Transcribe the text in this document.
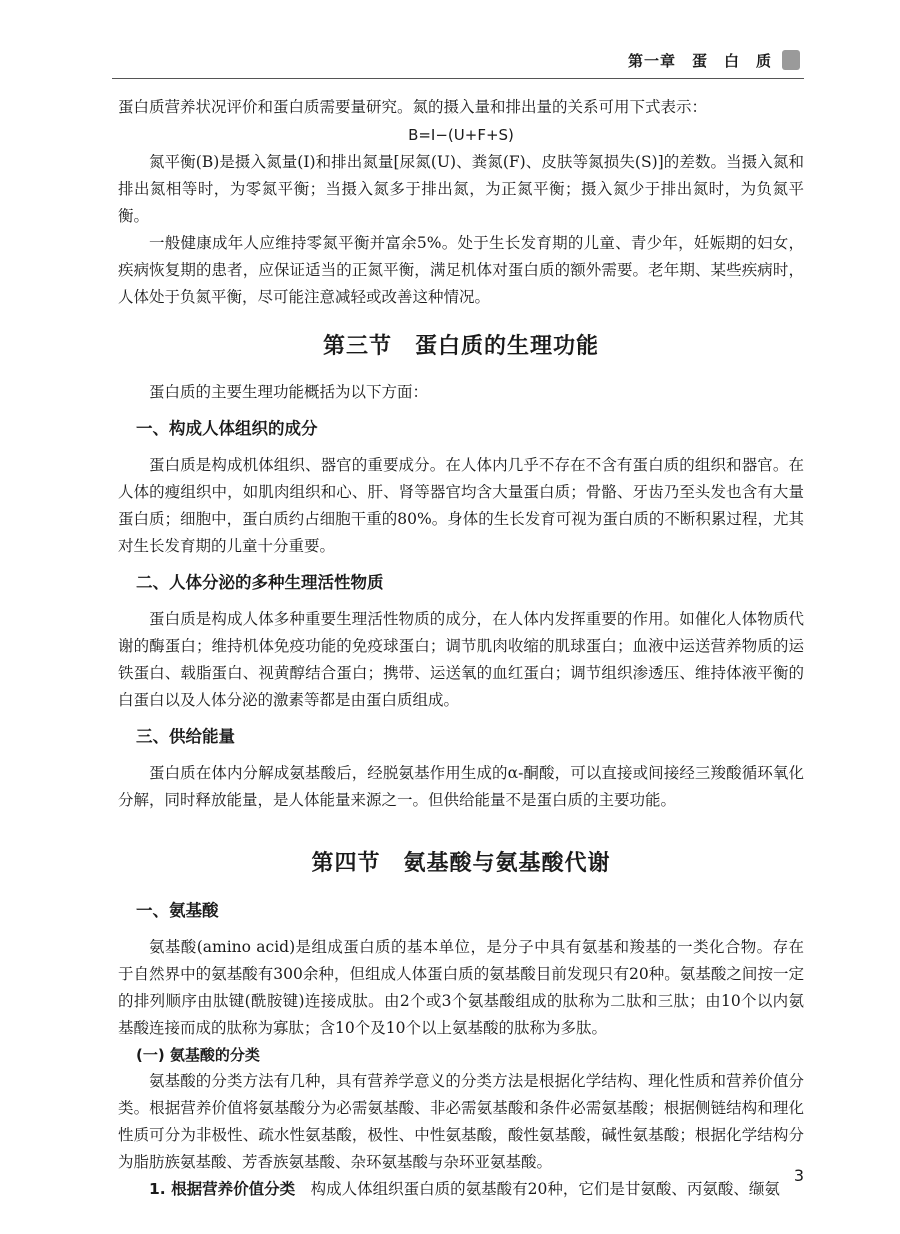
第一章　蛋　白　质

蛋白质营养状况评价和蛋白质需要量研究。氮的摄入量和排出量的关系可用下式表示：

B=I−(U+F+S)

氮平衡(B)是摄入氮量(I)和排出氮量[尿氮(U)、粪氮(F)、皮肤等氮损失(S)]的差数。当摄入氮和排出氮相等时，为零氮平衡；当摄入氮多于排出氮，为正氮平衡；摄入氮少于排出氮时，为负氮平衡。

一般健康成年人应维持零氮平衡并富余5%。处于生长发育期的儿童、青少年，妊娠期的妇女，疾病恢复期的患者，应保证适当的正氮平衡，满足机体对蛋白质的额外需要。老年期、某些疾病时，人体处于负氮平衡，尽可能注意减轻或改善这种情况。

第三节　蛋白质的生理功能

蛋白质的主要生理功能概括为以下方面：

一、构成人体组织的成分

蛋白质是构成机体组织、器官的重要成分。在人体内几乎不存在不含有蛋白质的组织和器官。在人体的瘦组织中，如肌肉组织和心、肝、肾等器官均含大量蛋白质；骨骼、牙齿乃至头发也含有大量蛋白质；细胞中，蛋白质约占细胞干重的80%。身体的生长发育可视为蛋白质的不断积累过程，尤其对生长发育期的儿童十分重要。

二、人体分泌的多种生理活性物质

蛋白质是构成人体多种重要生理活性物质的成分，在人体内发挥重要的作用。如催化人体物质代谢的酶蛋白；维持机体免疫功能的免疫球蛋白；调节肌肉收缩的肌球蛋白；血液中运送营养物质的运铁蛋白、载脂蛋白、视黄醇结合蛋白；携带、运送氧的血红蛋白；调节组织渗透压、维持体液平衡的白蛋白以及人体分泌的激素等都是由蛋白质组成。

三、供给能量

蛋白质在体内分解成氨基酸后，经脱氨基作用生成的α-酮酸，可以直接或间接经三羧酸循环氧化分解，同时释放能量，是人体能量来源之一。但供给能量不是蛋白质的主要功能。

第四节　氨基酸与氨基酸代谢
一、氨基酸

氨基酸(amino acid)是组成蛋白质的基本单位，是分子中具有氨基和羧基的一类化合物。存在于自然界中的氨基酸有300余种，但组成人体蛋白质的氨基酸目前发现只有20种。氨基酸之间按一定的排列顺序由肽键(酰胺键)连接成肽。由2个或3个氨基酸组成的肽称为二肽和三肽；由10个以内氨基酸连接而成的肽称为寡肽；含10个及10个以上氨基酸的肽称为多肽。

(一) 氨基酸的分类

氨基酸的分类方法有几种，具有营养学意义的分类方法是根据化学结构、理化性质和营养价值分类。根据营养价值将氨基酸分为必需氨基酸、非必需氨基酸和条件必需氨基酸；根据侧链结构和理化性质可分为非极性、疏水性氨基酸，极性、中性氨基酸，酸性氨基酸，碱性氨基酸；根据化学结构分为脂肪族氨基酸、芳香族氨基酸、杂环氨基酸与杂环亚氨基酸。

1. 根据营养价值分类　 构成人体组织蛋白质的氨基酸有20种，它们是甘氨酸、丙氨酸、缬氨

3
